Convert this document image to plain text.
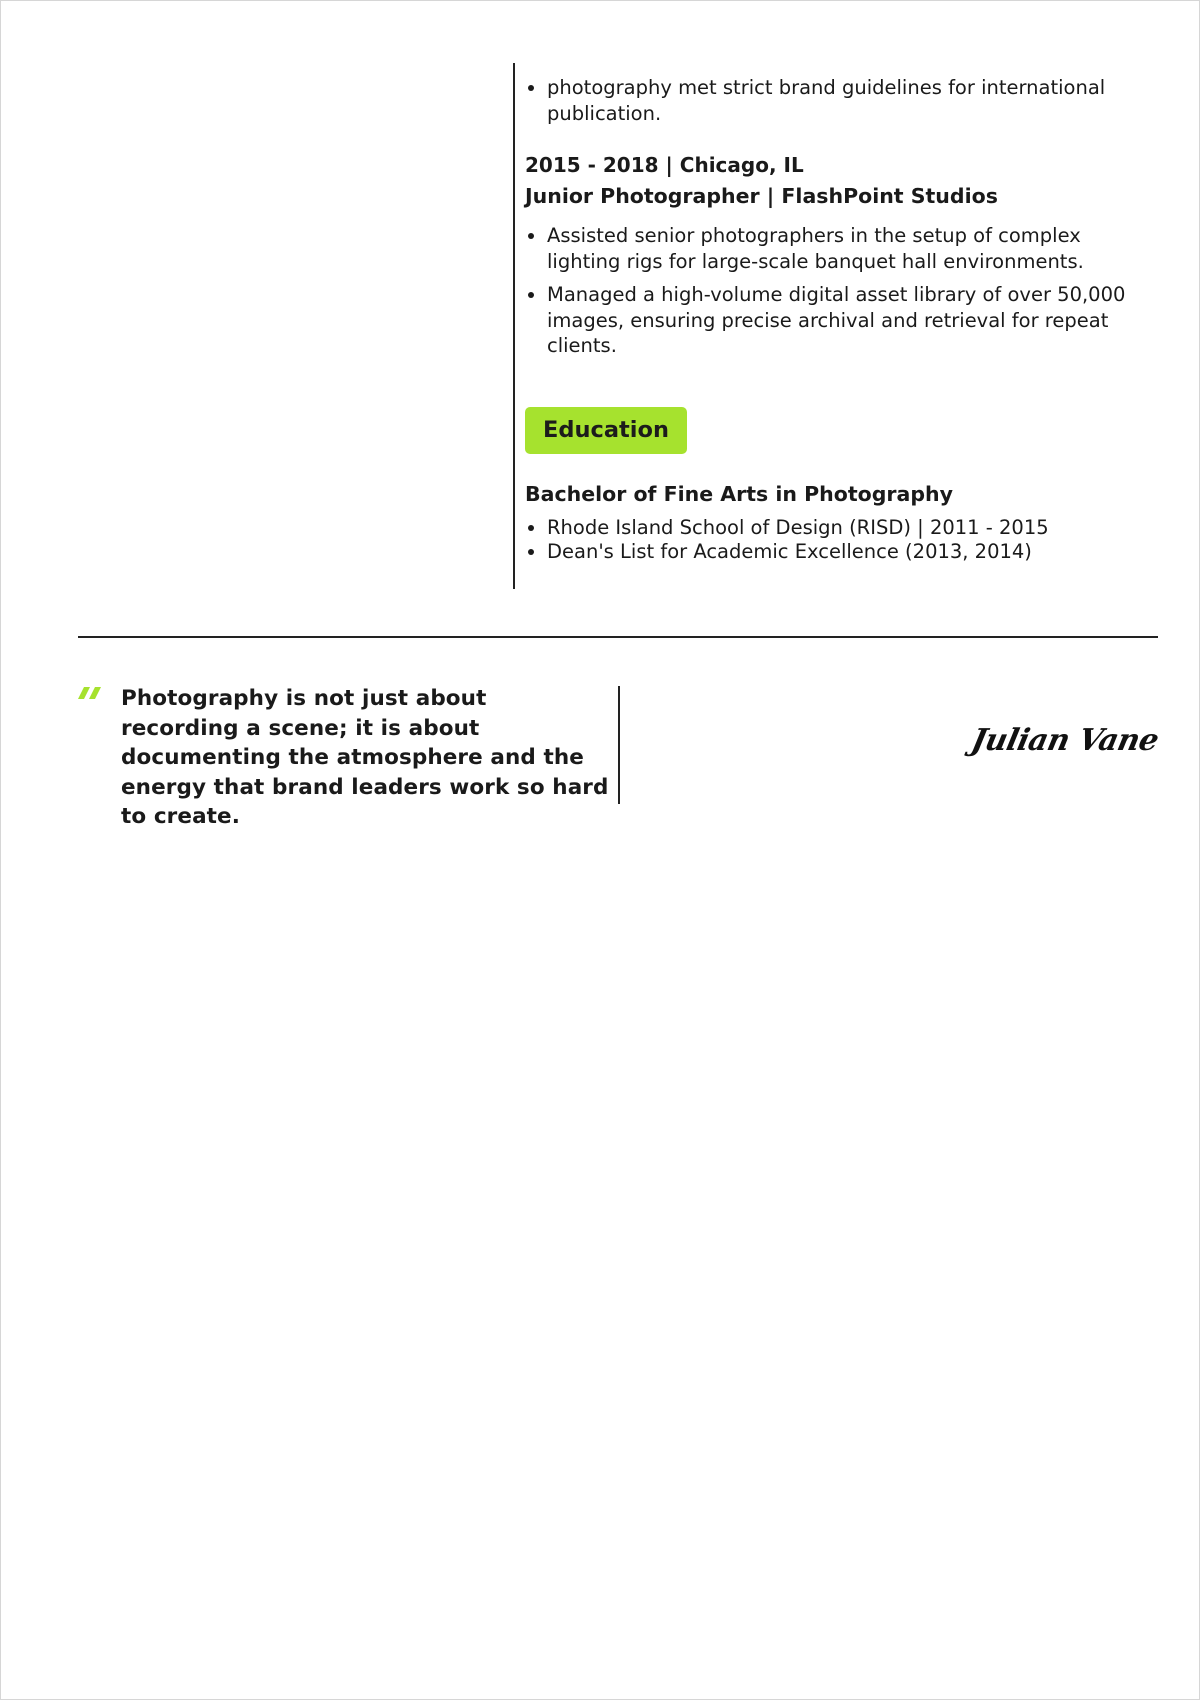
• photography met strict brand guidelines for international publication.
2015 - 2018 | Chicago, IL
Junior Photographer | FlashPoint Studios
• Assisted senior photographers in the setup of complex lighting rigs for large-scale banquet hall environments.
• Managed a high-volume digital asset library of over 50,000 images, ensuring precise archival and retrieval for repeat clients.
Education
Bachelor of Fine Arts in Photography
• Rhode Island School of Design (RISD) | 2011 - 2015
• Dean's List for Academic Excellence (2013, 2014)
Photography is not just about recording a scene; it is about documenting the atmosphere and the energy that brand leaders work so hard to create.
Julian Vane
